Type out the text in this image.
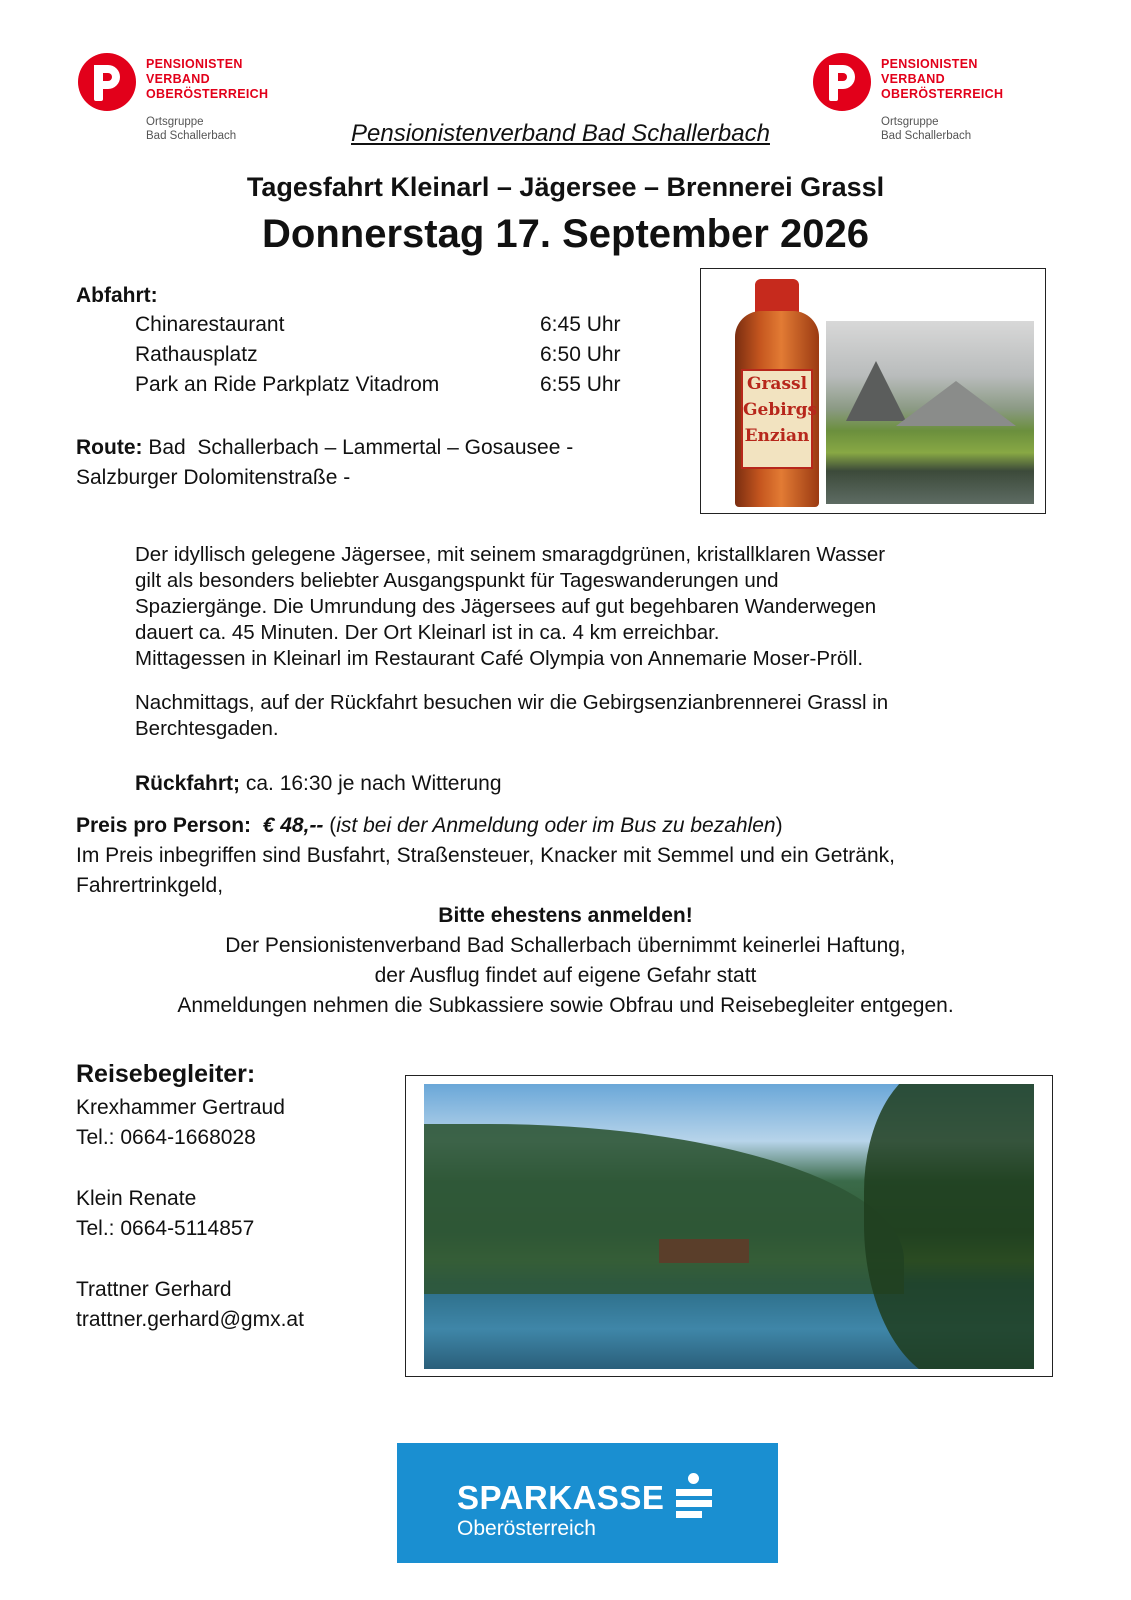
PENSIONISTEN
VERBAND
OBERÖSTERREICH
Ortsgruppe
Bad Schallerbach
PENSIONISTEN
VERBAND
OBERÖSTERREICH
Ortsgruppe
Bad Schallerbach
Pensionistenverband Bad Schallerbach
Tagesfahrt Kleinarl – Jägersee – Brennerei Grassl
Donnerstag 17. September 2026
Abfahrt:
Chinarestaurant	6:45 Uhr
Rathausplatz	6:50 Uhr
Park an Ride Parkplatz Vitadrom	6:55 Uhr
Route: Bad  Schallerbach – Lammertal – Gosausee -
Salzburger Dolomitenstraße -
Grassl
Gebirgs
Enzian
Der idyllisch gelegene Jägersee, mit seinem smaragdgrünen, kristallklaren Wasser
gilt als besonders beliebter Ausgangspunkt für Tageswanderungen und
Spaziergänge. Die Umrundung des Jägersees auf gut begehbaren Wanderwegen
dauert ca. 45 Minuten. Der Ort Kleinarl ist in ca. 4 km erreichbar.
Mittagessen in Kleinarl im Restaurant Café Olympia von Annemarie Moser-Pröll.
Nachmittags, auf der Rückfahrt besuchen wir die Gebirgsenzianbrennerei Grassl in
Berchtesgaden.
Rückfahrt; ca. 16:30 je nach Witterung
Preis pro Person: € 48,-- (ist bei der Anmeldung oder im Bus zu bezahlen)
Im Preis inbegriffen sind Busfahrt, Straßensteuer, Knacker mit Semmel und ein Getränk,
Fahrertrinkgeld,
Bitte ehestens anmelden!
Der Pensionistenverband Bad Schallerbach übernimmt keinerlei Haftung,
der Ausflug findet auf eigene Gefahr statt
Anmeldungen nehmen die Subkassiere sowie Obfrau und Reisebegleiter entgegen.
Reisebegleiter:
Krexhammer Gertraud
Tel.: 0664-1668028
Klein Renate
Tel.: 0664-5114857
Trattner Gerhard
trattner.gerhard@gmx.at
SPARKASSE
Oberösterreich
